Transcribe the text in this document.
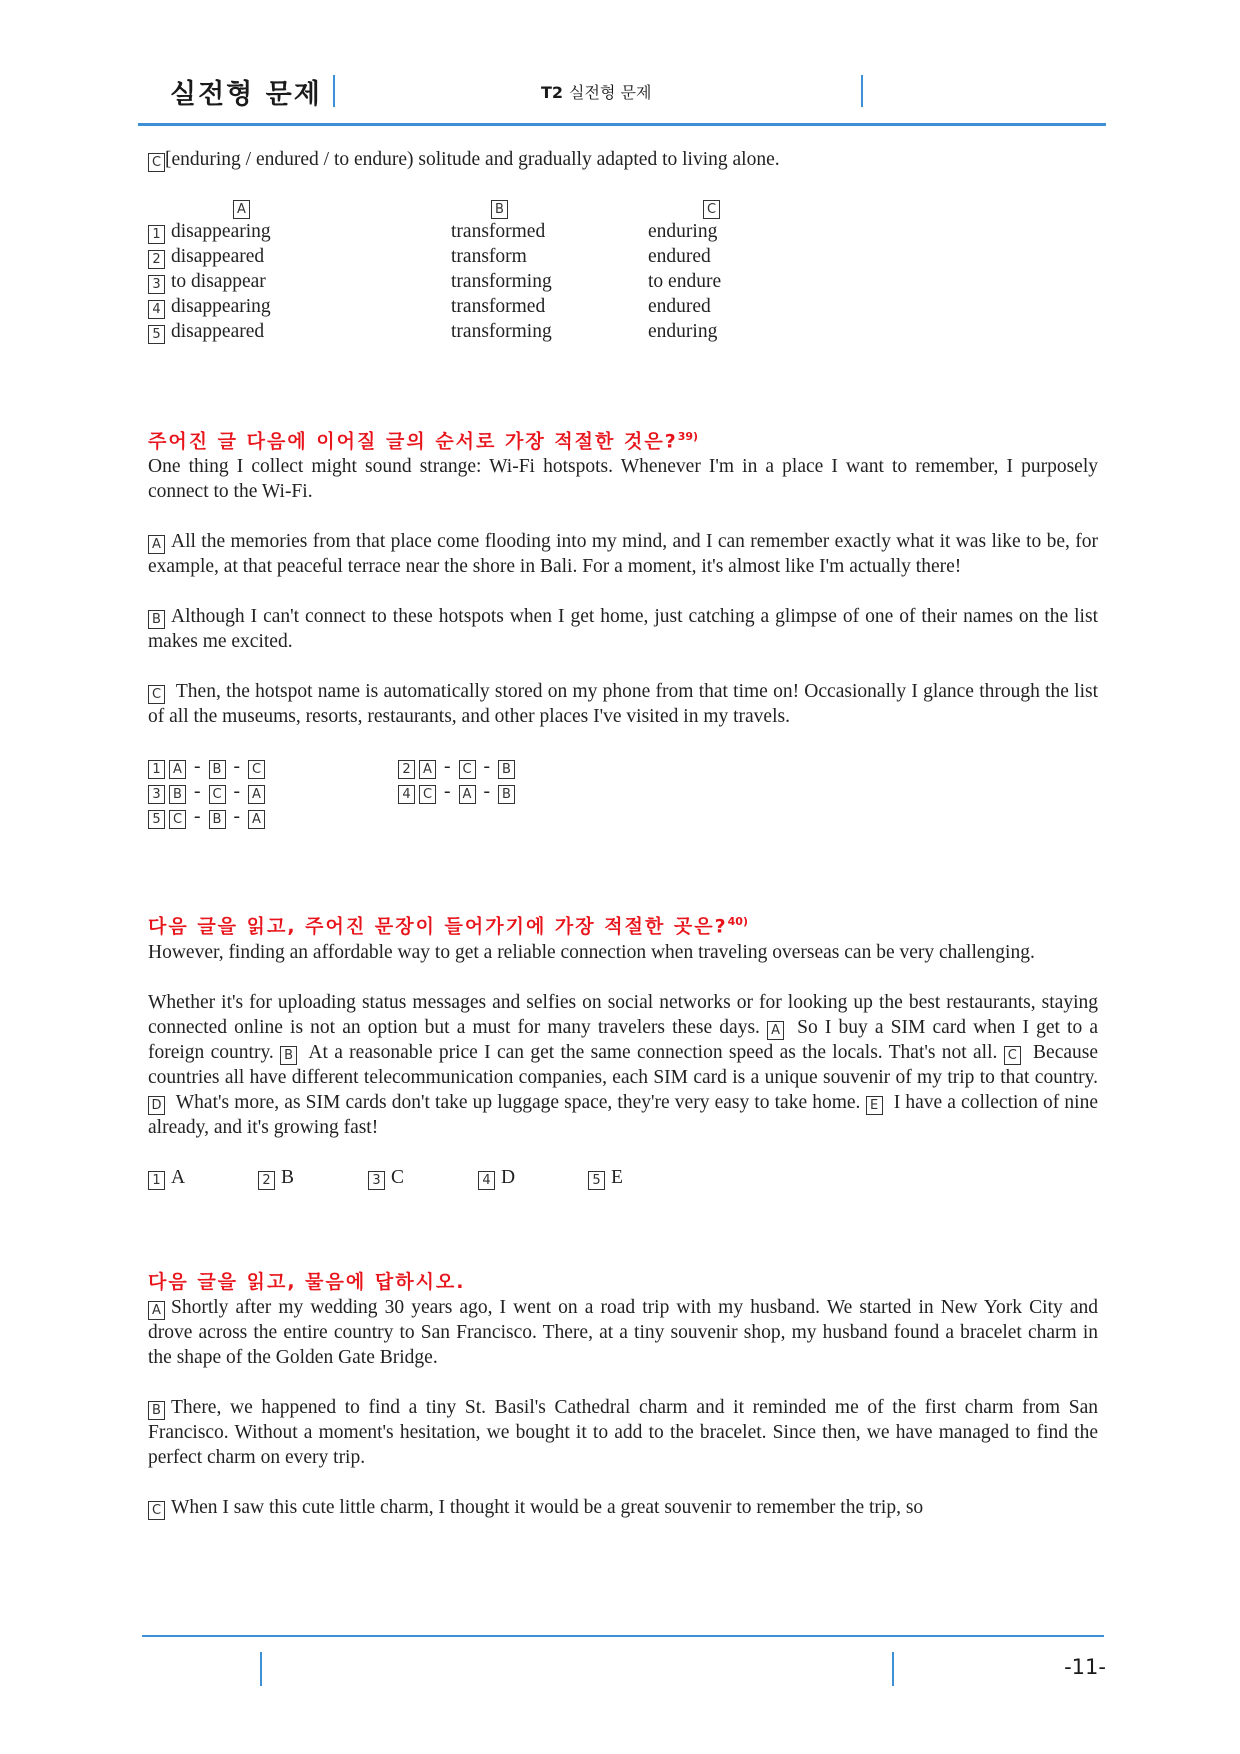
실전형 문제	T2 실전형 문제

C [enduring / endured / to endure) solitude and gradually adapted to living alone.

A	B	C
1 disappearing	transformed	enduring
2 disappeared	transform	endured
3 to disappear	transforming	to endure
4 disappearing	transformed	endured
5 disappeared	transforming	enduring

주어진 글 다음에 이어질 글의 순서로 가장 적절한 것은?$^{39)}$

One thing I collect might sound strange: Wi-Fi hotspots. Whenever I'm in a place I want to remember, I purposely connect to the Wi-Fi.

A All the memories from that place come flooding into my mind, and I can remember exactly what it was like to be, for example, at that peaceful terrace near the shore in Bali. For a moment, it's almost like I'm actually there!

B Although I can't connect to these hotspots when I get home, just catching a glimpse of one of their names on the list makes me excited.

C Then, the hotspot name is automatically stored on my phone from that time on! Occasionally I glance through the list of all the museums, resorts, restaurants, and other places I've visited in my travels.

1 A - B - C	2 A - C - B
3 B - C - A	4 C - A - B
5 C - B - A

다음 글을 읽고, 주어진 문장이 들어가기에 가장 적절한 곳은?$^{40)}$

However, finding an affordable way to get a reliable connection when traveling overseas can be very challenging.

Whether it's for uploading status messages and selfies on social networks or for looking up the best restaurants, staying connected online is not an option but a must for many travelers these days. A So I buy a SIM card when I get to a foreign country. B At a reasonable price I can get the same connection speed as the locals. That's not all. C Because countries all have different telecommunication companies, each SIM card is a unique souvenir of my trip to that country. D What's more, as SIM cards don't take up luggage space, they're very easy to take home. E I have a collection of nine already, and it's growing fast!

1 A	2 B	3 C	4 D	5 E

다음 글을 읽고, 물음에 답하시오.

A Shortly after my wedding 30 years ago, I went on a road trip with my husband. We started in New York City and drove across the entire country to San Francisco. There, at a tiny souvenir shop, my husband found a bracelet charm in the shape of the Golden Gate Bridge.

B There, we happened to find a tiny St. Basil's Cathedral charm and it reminded me of the first charm from San Francisco. Without a moment's hesitation, we bought it to add to the bracelet. Since then, we have managed to find the perfect charm on every trip.

C When I saw this cute little charm, I thought it would be a great souvenir to remember the trip, so

-11-
